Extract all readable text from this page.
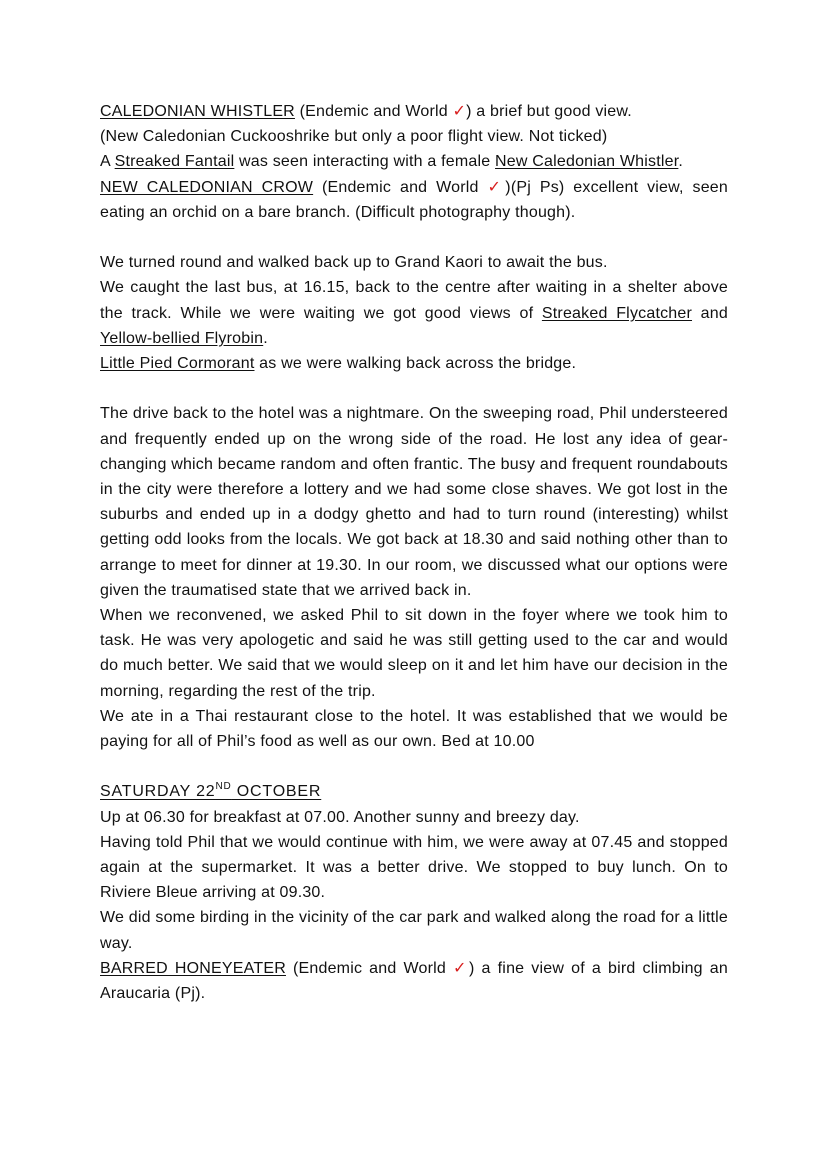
CALEDONIAN WHISTLER (Endemic and World ✓) a brief but good view.

(New Caledonian Cuckooshrike but only a poor flight view. Not ticked)

A Streaked Fantail was seen interacting with a female New Caledonian Whistler.

NEW CALEDONIAN CROW (Endemic and World ✓)(Pj Ps) excellent view, seen eating an orchid on a bare branch. (Difficult photography though).

We turned round and walked back up to Grand Kaori to await the bus.

We caught the last bus, at 16.15, back to the centre after waiting in a shelter above the track. While we were waiting we got good views of Streaked Flycatcher and Yellow-bellied Flyrobin.

Little Pied Cormorant as we were walking back across the bridge.

The drive back to the hotel was a nightmare. On the sweeping road, Phil understeered and frequently ended up on the wrong side of the road. He lost any idea of gear-changing which became random and often frantic. The busy and frequent roundabouts in the city were therefore a lottery and we had some close shaves. We got lost in the suburbs and ended up in a dodgy ghetto and had to turn round (interesting) whilst getting odd looks from the locals. We got back at 18.30 and said nothing other than to arrange to meet for dinner at 19.30. In our room, we discussed what our options were given the traumatised state that we arrived back in.

When we reconvened, we asked Phil to sit down in the foyer where we took him to task. He was very apologetic and said he was still getting used to the car and would do much better. We said that we would sleep on it and let him have our decision in the morning, regarding the rest of the trip.

We ate in a Thai restaurant close to the hotel. It was established that we would be paying for all of Phil’s food as well as our own. Bed at 10.00

SATURDAY 22ND OCTOBER

Up at 06.30 for breakfast at 07.00. Another sunny and breezy day.

Having told Phil that we would continue with him, we were away at 07.45 and stopped again at the supermarket. It was a better drive. We stopped to buy lunch. On to Riviere Bleue arriving at 09.30.

We did some birding in the vicinity of the car park and walked along the road for a little way.

BARRED HONEYEATER (Endemic and World ✓) a fine view of a bird climbing an Araucaria (Pj).
